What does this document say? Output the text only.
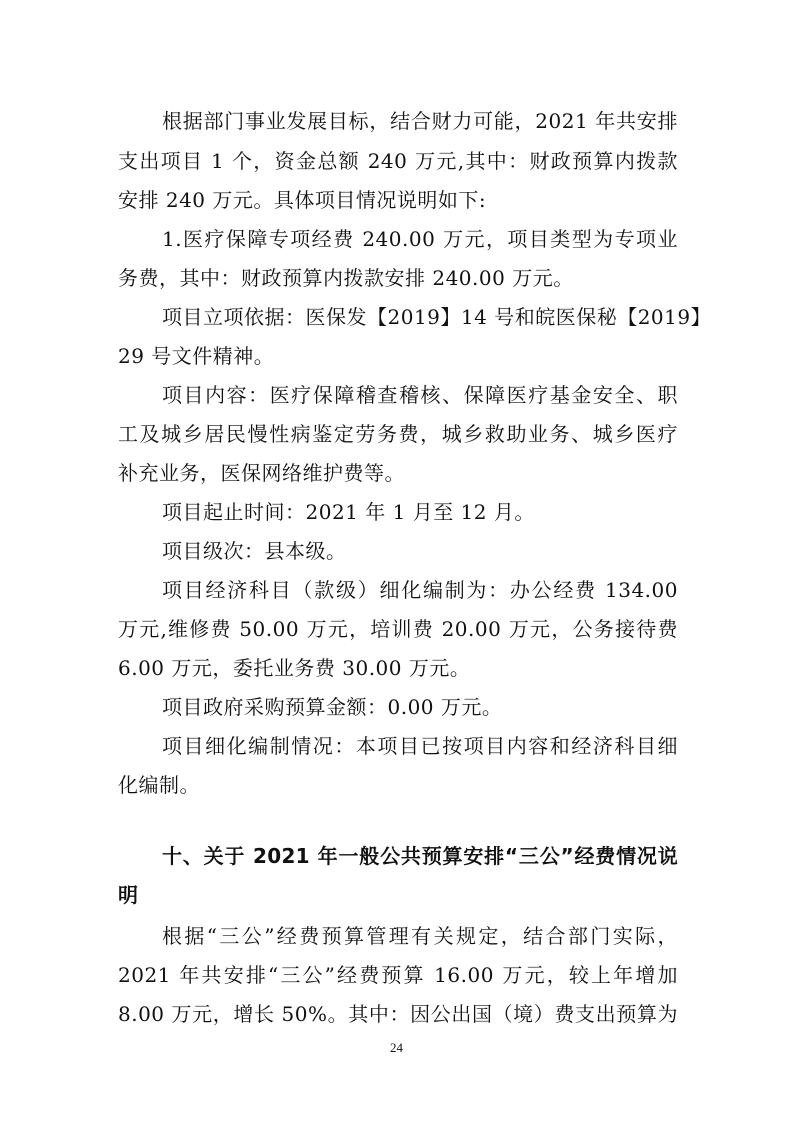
根据部门事业发展目标，结合财力可能，2021 年共安排
支出项目 1 个，资金总额 240 万元,其中：财政预算内拨款
安排 240 万元。具体项目情况说明如下:
1.医疗保障专项经费 240.00 万元，项目类型为专项业
务费，其中：财政预算内拨款安排 240.00 万元。
项目立项依据：医保发【2019】14 号和皖医保秘【2019】
29 号文件精神。
项目内容：医疗保障稽查稽核、保障医疗基金安全、职
工及城乡居民慢性病鉴定劳务费，城乡救助业务、城乡医疗
补充业务，医保网络维护费等。
项目起止时间：2021 年 1 月至 12 月。
项目级次：县本级。
项目经济科目（款级）细化编制为：办公经费 134.00
万元,维修费 50.00 万元，培训费 20.00 万元，公务接待费
6.00 万元，委托业务费 30.00 万元。
项目政府采购预算金额：0.00 万元。
项目细化编制情况：本项目已按项目内容和经济科目细
化编制。
十、关于 2021 年一般公共预算安排“三公”经费情况说
明
根据“三公”经费预算管理有关规定，结合部门实际，
2021 年共安排“三公”经费预算 16.00 万元，较上年增加
8.00 万元，增长 50%。其中：因公出国（境）费支出预算为
24
